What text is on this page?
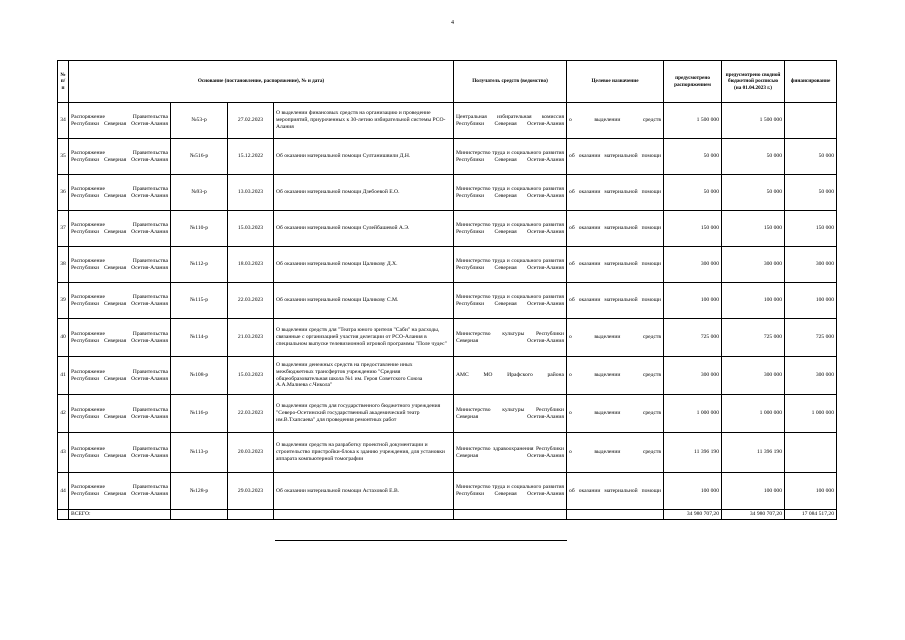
4
№ п/п	Основание (постановление, распоряжение), № и дата)				Получатель средств (ведомство)	Целевое назначение	предусмотрено распоряжением	предусмотрено сводной бюджетной росписью (на 01.04.2023 г.)	финансирование
34	Распоряжение Правительства Республики Северная Осетия-Алания	№53-р	27.02.2023	О выделении финансовых средств на организацию и проведение мероприятий, приуроченных к 30-летию избирательной системы РСО-Алания	Центральная избирательная комиссия Республики Северная Осетия-Алания	о выделении средств	1 500 000	1 500 000	
35	Распоряжение Правительства Республики Северная Осетия-Алания	№516-р	15.12.2022	Об оказании материальной помощи Султанишвили Д.Н.	Министерство труда и социального развития Республики Северная Осетия-Алания	об оказании материальной помощи	50 000	50 000	50 000
36	Распоряжение Правительства Республики Северная Осетия-Алания	№93-р	13.03.2023	Об оказании материальной помощи Дзебоевой Е.О.	Министерство труда и социального развития Республики Северная Осетия-Алания	об оказании материальной помощи	50 000	50 000	50 000
37	Распоряжение Правительства Республики Северная Осетия-Алания	№110-р	15.03.2023	Об оказании материальной помощи Сулейбашевой А.Э.	Министерство труда и социального развития Республики Северная Осетия-Алания	об оказании материальной помощи	150 000	150 000	150 000
38	Распоряжение Правительства Республики Северная Осетия-Алания	№112-р	18.03.2023	Об оказании материальной помощи Цаликову Д.Х.	Министерство труда и социального развития Республики Северная Осетия-Алания	об оказании материальной помощи	300 000	300 000	300 000
39	Распоряжение Правительства Республики Северная Осетия-Алания	№115-р	22.03.2023	Об оказании материальной помощи Цаликову С.М.	Министерство труда и социального развития Республики Северная Осетия-Алания	об оказании материальной помощи	100 000	100 000	100 000
40	Распоряжение Правительства Республики Северная Осетия-Алания	№114-р	21.03.2023	О выделении средств для "Театра юного зрителя "Саби" на расходы, связанные с организацией участия делегации от РСО-Алания в специальном выпуске телевизионной игровой программы "Поле чудес"	Министерство культуры Республики Северная Осетия-Алания	о выделении средств	725 000	725 000	725 000
41	Распоряжение Правительства Республики Северная Осетия-Алания	№108-р	15.03.2023	О выделении денежных средств на предоставление иных межбюджетных трансфертов учреждению "Средняя общеобразовательная школа №1 им. Героя Советского Союза А.А.Малиева с.Чикола"	АМС МО Ирафского района	о выделении средств	300 000	300 000	300 000
42	Распоряжение Правительства Республики Северная Осетия-Алания	№116-р	22.03.2023	О выделении средств для государственного бюджетного учреждения "Северо-Осетинский государственный академический театр им.В.Тхапсаева" для проведения ремонтных работ	Министерство культуры Республики Северная Осетия-Алания	о выделении средств	1 000 000	1 000 000	1 000 000
43	Распоряжение Правительства Республики Северная Осетия-Алания	№113-р	20.03.2023	О выделении средств на разработку проектной документации и строительство пристройки-блока к зданию учреждения, для установки аппарата компьютерной томографии	Министерство здравоохранения Республики Северная Осетия-Алания	о выделении средств	11 396 190	11 396 190	
44	Распоряжение Правительства Республики Северная Осетия-Алания	№128-р	29.03.2023	Об оказании материальной помощи Астаховой Е.В.	Министерство труда и социального развития Республики Северная Осетия-Алания	об оказании материальной помощи	100 000	100 000	100 000
	ВСЕГО:						34 980 707,20	34 980 707,20	17 084 517,20
